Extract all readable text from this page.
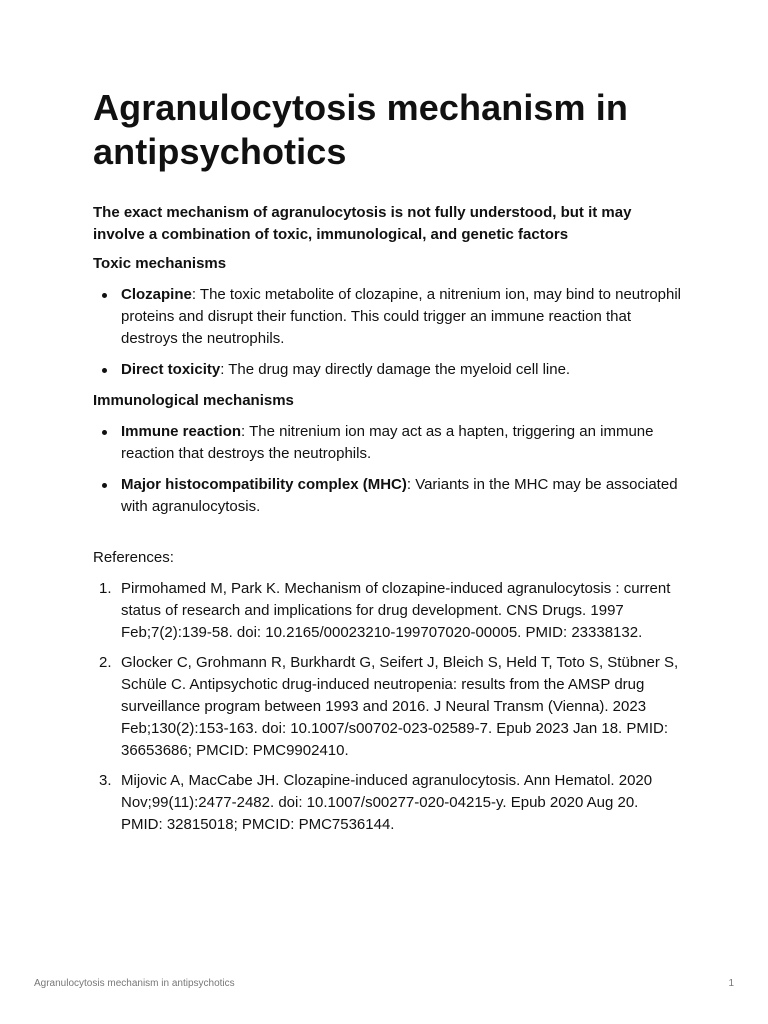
Agranulocytosis mechanism in antipsychotics

The exact mechanism of agranulocytosis is not fully understood, but it may involve a combination of toxic, immunological, and genetic factors

Toxic mechanisms

Clozapine: The toxic metabolite of clozapine, a nitrenium ion, may bind to neutrophil proteins and disrupt their function. This could trigger an immune reaction that destroys the neutrophils.
Direct toxicity: The drug may directly damage the myeloid cell line.

Immunological mechanisms

Immune reaction: The nitrenium ion may act as a hapten, triggering an immune reaction that destroys the neutrophils.
Major histocompatibility complex (MHC): Variants in the MHC may be associated with agranulocytosis.

References:

1. Pirmohamed M, Park K. Mechanism of clozapine-induced agranulocytosis : current status of research and implications for drug development. CNS Drugs. 1997 Feb;7(2):139-58. doi: 10.2165/00023210-199707020-00005. PMID: 23338132.
2. Glocker C, Grohmann R, Burkhardt G, Seifert J, Bleich S, Held T, Toto S, Stübner S, Schüle C. Antipsychotic drug-induced neutropenia: results from the AMSP drug surveillance program between 1993 and 2016. J Neural Transm (Vienna). 2023 Feb;130(2):153-163. doi: 10.1007/s00702-023-02589-7. Epub 2023 Jan 18. PMID: 36653686; PMCID: PMC9902410.
3. Mijovic A, MacCabe JH. Clozapine-induced agranulocytosis. Ann Hematol. 2020 Nov;99(11):2477-2482. doi: 10.1007/s00277-020-04215-y. Epub 2020 Aug 20. PMID: 32815018; PMCID: PMC7536144.
Agranulocytosis mechanism in antipsychotics	1
